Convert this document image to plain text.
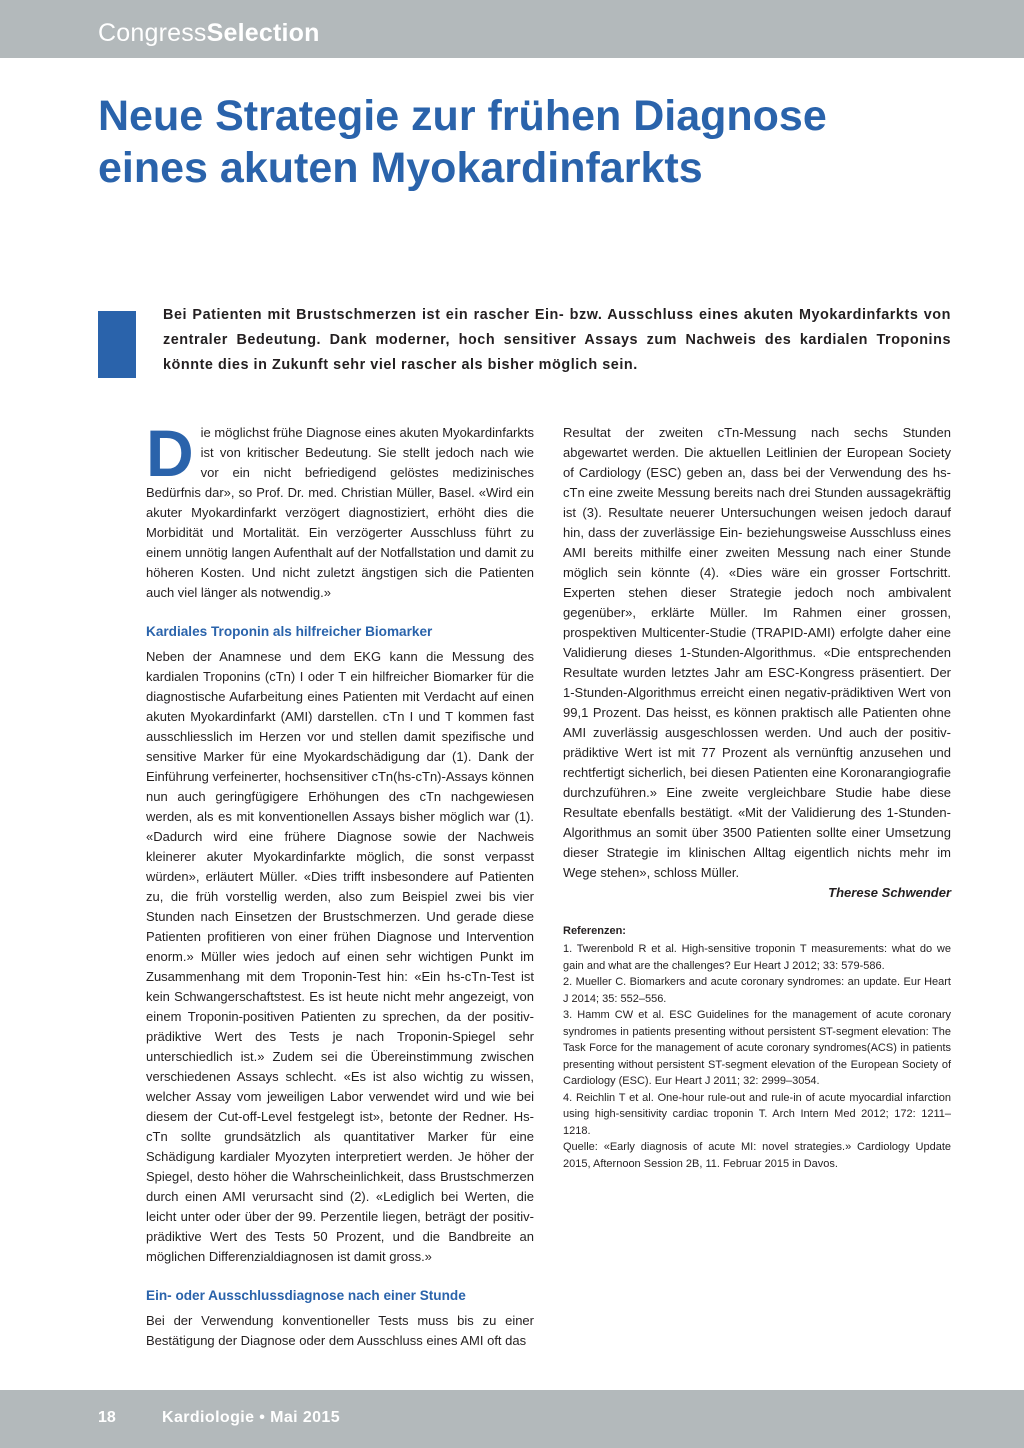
CongressSelection
Neue Strategie zur frühen Diagnose
eines akuten Myokardinfarkts

Bei Patienten mit Brustschmerzen ist ein rascher Ein- bzw. Ausschluss eines akuten Myokardinfarkts von zentraler Bedeutung. Dank moderner, hoch sensitiver Assays zum Nachweis des kardialen Troponins könnte dies in Zukunft sehr viel rascher als bisher möglich sein.

Die möglichst frühe Diagnose eines akuten Myokardinfarkts ist von kritischer Bedeutung. Sie stellt jedoch nach wie vor ein nicht befriedigend gelöstes medizinisches Bedürfnis dar», so Prof. Dr. med. Christian Müller, Basel. «Wird ein akuter Myokardinfarkt verzögert diagnostiziert, erhöht dies die Morbidität und Mortalität. Ein verzögerter Ausschluss führt zu einem unnötig langen Aufenthalt auf der Notfallstation und damit zu höheren Kosten. Und nicht zuletzt ängstigen sich die Patienten auch viel länger als notwendig.»

Kardiales Troponin als hilfreicher Biomarker

Neben der Anamnese und dem EKG kann die Messung des kardialen Troponins (cTn) I oder T ein hilfreicher Biomarker für die diagnostische Aufarbeitung eines Patienten mit Verdacht auf einen akuten Myokardinfarkt (AMI) darstellen. cTn I und T kommen fast ausschliesslich im Herzen vor und stellen damit spezifische und sensitive Marker für eine Myokardschädigung dar (1). Dank der Einführung verfeinerter, hochsensitiver cTn(hs-cTn)-Assays können nun auch geringfügigere Erhöhungen des cTn nachgewiesen werden, als es mit konventionellen Assays bisher möglich war (1). «Dadurch wird eine frühere Diagnose sowie der Nachweis kleinerer akuter Myokardinfarkte möglich, die sonst verpasst würden», erläutert Müller. «Dies trifft insbesondere auf Patienten zu, die früh vorstellig werden, also zum Beispiel zwei bis vier Stunden nach Einsetzen der Brustschmerzen. Und gerade diese Patienten profitieren von einer frühen Diagnose und Intervention enorm.» Müller wies jedoch auf einen sehr wichtigen Punkt im Zusammenhang mit dem Troponin-Test hin: «Ein hs-cTn-Test ist kein Schwangerschaftstest. Es ist heute nicht mehr angezeigt, von einem Troponin-positiven Patienten zu sprechen, da der positiv-prädiktive Wert des Tests je nach Troponin-Spiegel sehr unterschiedlich ist.» Zudem sei die Übereinstimmung zwischen verschiedenen Assays schlecht. «Es ist also wichtig zu wissen, welcher Assay vom jeweiligen Labor verwendet wird und wie bei diesem der Cut-off-Level festgelegt ist», betonte der Redner. Hs-cTn sollte grundsätzlich als quantitativer Marker für eine Schädigung kardialer Myozyten interpretiert werden. Je höher der Spiegel, desto höher die Wahrscheinlichkeit, dass Brustschmerzen durch einen AMI verursacht sind (2). «Lediglich bei Werten, die leicht unter oder über der 99. Perzentile liegen, beträgt der positiv-prädiktive Wert des Tests 50 Prozent, und die Bandbreite an möglichen Differenzialdiagnosen ist damit gross.»

Ein- oder Ausschlussdiagnose nach einer Stunde

Bei der Verwendung konventioneller Tests muss bis zu einer Bestätigung der Diagnose oder dem Ausschluss eines AMI oft das

Resultat der zweiten cTn-Messung nach sechs Stunden abgewartet werden. Die aktuellen Leitlinien der European Society of Cardiology (ESC) geben an, dass bei der Verwendung des hs-cTn eine zweite Messung bereits nach drei Stunden aussagekräftig ist (3). Resultate neuerer Untersuchungen weisen jedoch darauf hin, dass der zuverlässige Ein- beziehungsweise Ausschluss eines AMI bereits mithilfe einer zweiten Messung nach einer Stunde möglich sein könnte (4). «Dies wäre ein grosser Fortschritt. Experten stehen dieser Strategie jedoch noch ambivalent gegenüber», erklärte Müller. Im Rahmen einer grossen, prospektiven Multicenter-Studie (TRAPID-AMI) erfolgte daher eine Validierung dieses 1-Stunden-Algorithmus. «Die entsprechenden Resultate wurden letztes Jahr am ESC-Kongress präsentiert. Der 1-Stunden-Algorithmus erreicht einen negativ-prädiktiven Wert von 99,1 Prozent. Das heisst, es können praktisch alle Patienten ohne AMI zuverlässig ausgeschlossen werden. Und auch der positiv-prädiktive Wert ist mit 77 Prozent als vernünftig anzusehen und rechtfertigt sicherlich, bei diesen Patienten eine Koronarangiografie durchzuführen.» Eine zweite vergleichbare Studie habe diese Resultate ebenfalls bestätigt. «Mit der Validierung des 1-Stunden-Algorithmus an somit über 3500 Patienten sollte einer Umsetzung dieser Strategie im klinischen Alltag eigentlich nichts mehr im Wege stehen», schloss Müller.

Therese Schwender

Referenzen:

1. Twerenbold R et al. High-sensitive troponin T measurements: what do we gain and what are the challenges? Eur Heart J 2012; 33: 579-586.

2. Mueller C. Biomarkers and acute coronary syndromes: an update. Eur Heart J 2014; 35: 552–556.

3. Hamm CW et al. ESC Guidelines for the management of acute coronary syndromes in patients presenting without persistent ST-segment elevation: The Task Force for the management of acute coronary syndromes(ACS) in patients presenting without persistent ST-segment elevation of the European Society of Cardiology (ESC). Eur Heart J 2011; 32: 2999–3054.

4. Reichlin T et al. One-hour rule-out and rule-in of acute myocardial infarction using high-sensitivity cardiac troponin T. Arch Intern Med 2012; 172: 1211–1218.

Quelle: «Early diagnosis of acute MI: novel strategies.» Cardiology Update 2015, Afternoon Session 2B, 11. Februar 2015 in Davos.

18	Kardiologie • Mai 2015
